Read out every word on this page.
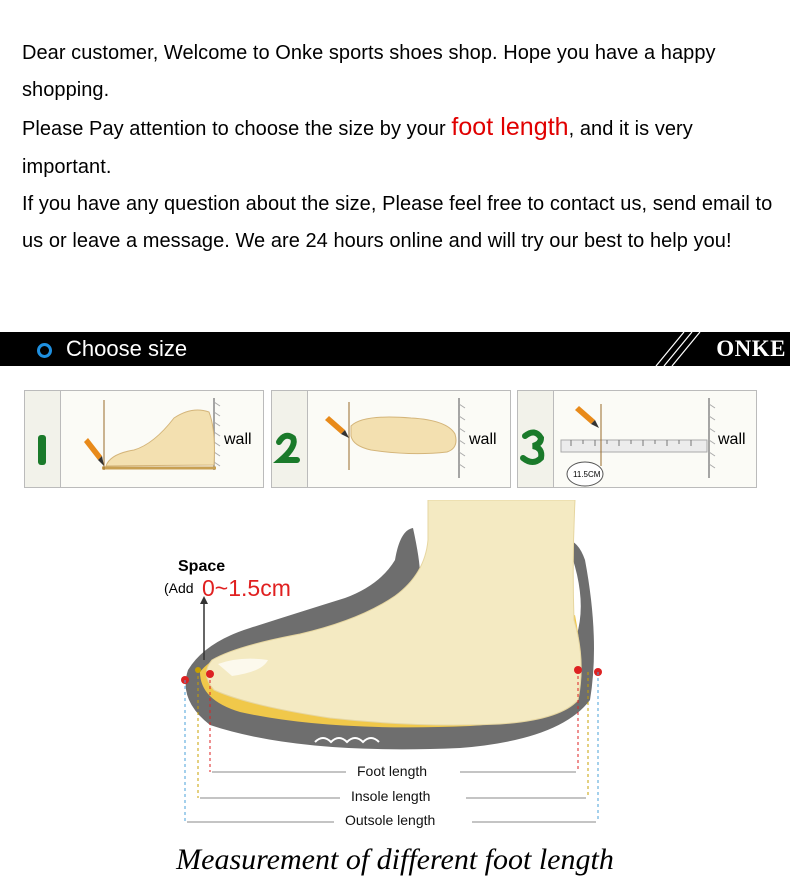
Dear customer, Welcome to Onke sports shoes shop. Hope you have a happy shopping.

Please Pay attention to choose the size by your foot length, and it is very important.

If you have any question about the size, Please feel free to contact us, send email to us or leave a message. We are 24 hours online and will try our best to help you!

Choose size	ONKE
wall	wall	wall
11.5CM
Space
(Add 0~1.5cm
Foot length
Insole length
Outsole length
Measurement of different foot length
